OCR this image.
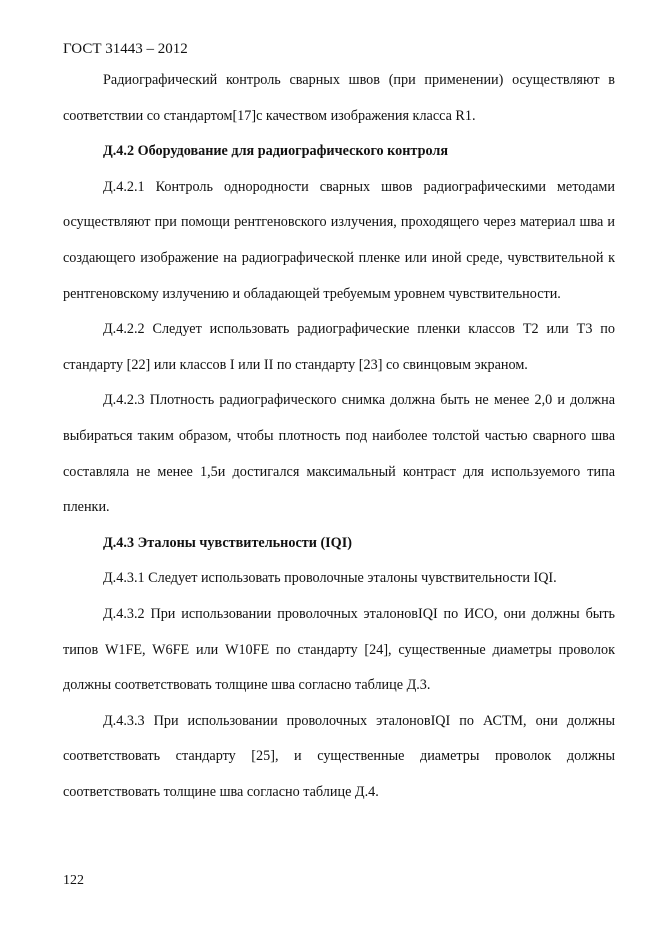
ГОСТ 31443 – 2012

Радиографический контроль сварных швов (при применении) осуществляют в соответствии со стандартом[17]с качеством изображения класса R1.

Д.4.2 Оборудование для радиографического контроля

Д.4.2.1 Контроль однородности сварных швов радиографическими методами осуществляют при помощи рентгеновского излучения, проходящего через материал шва и создающего изображение на радиографической пленке или иной среде, чувствительной к рентгеновскому излучению и обладающей требуемым уровнем чувствительности.

Д.4.2.2 Следует использовать радиографические пленки классов Т2 или Т3 по стандарту [22] или классов I или II по стандарту [23] со свинцовым экраном.

Д.4.2.3 Плотность радиографического снимка должна быть не менее 2,0 и должна выбираться таким образом, чтобы плотность под наиболее толстой частью сварного шва составляла не менее 1,5и достигался максимальный контраст для используемого типа пленки.

Д.4.3 Эталоны чувствительности (IQI)

Д.4.3.1 Следует использовать проволочные эталоны чувствительности IQI.

Д.4.3.2 При использовании проволочных эталоновIQI по ИСО, они должны быть типов W1FE, W6FE или W10FE по стандарту [24], существенные диаметры проволок должны соответствовать толщине шва согласно таблице Д.3.

Д.4.3.3 При использовании проволочных эталоновIQI по АСТМ, они должны соответствовать стандарту [25], и существенные диаметры проволок должны соответствовать толщине шва согласно таблице Д.4.

122
